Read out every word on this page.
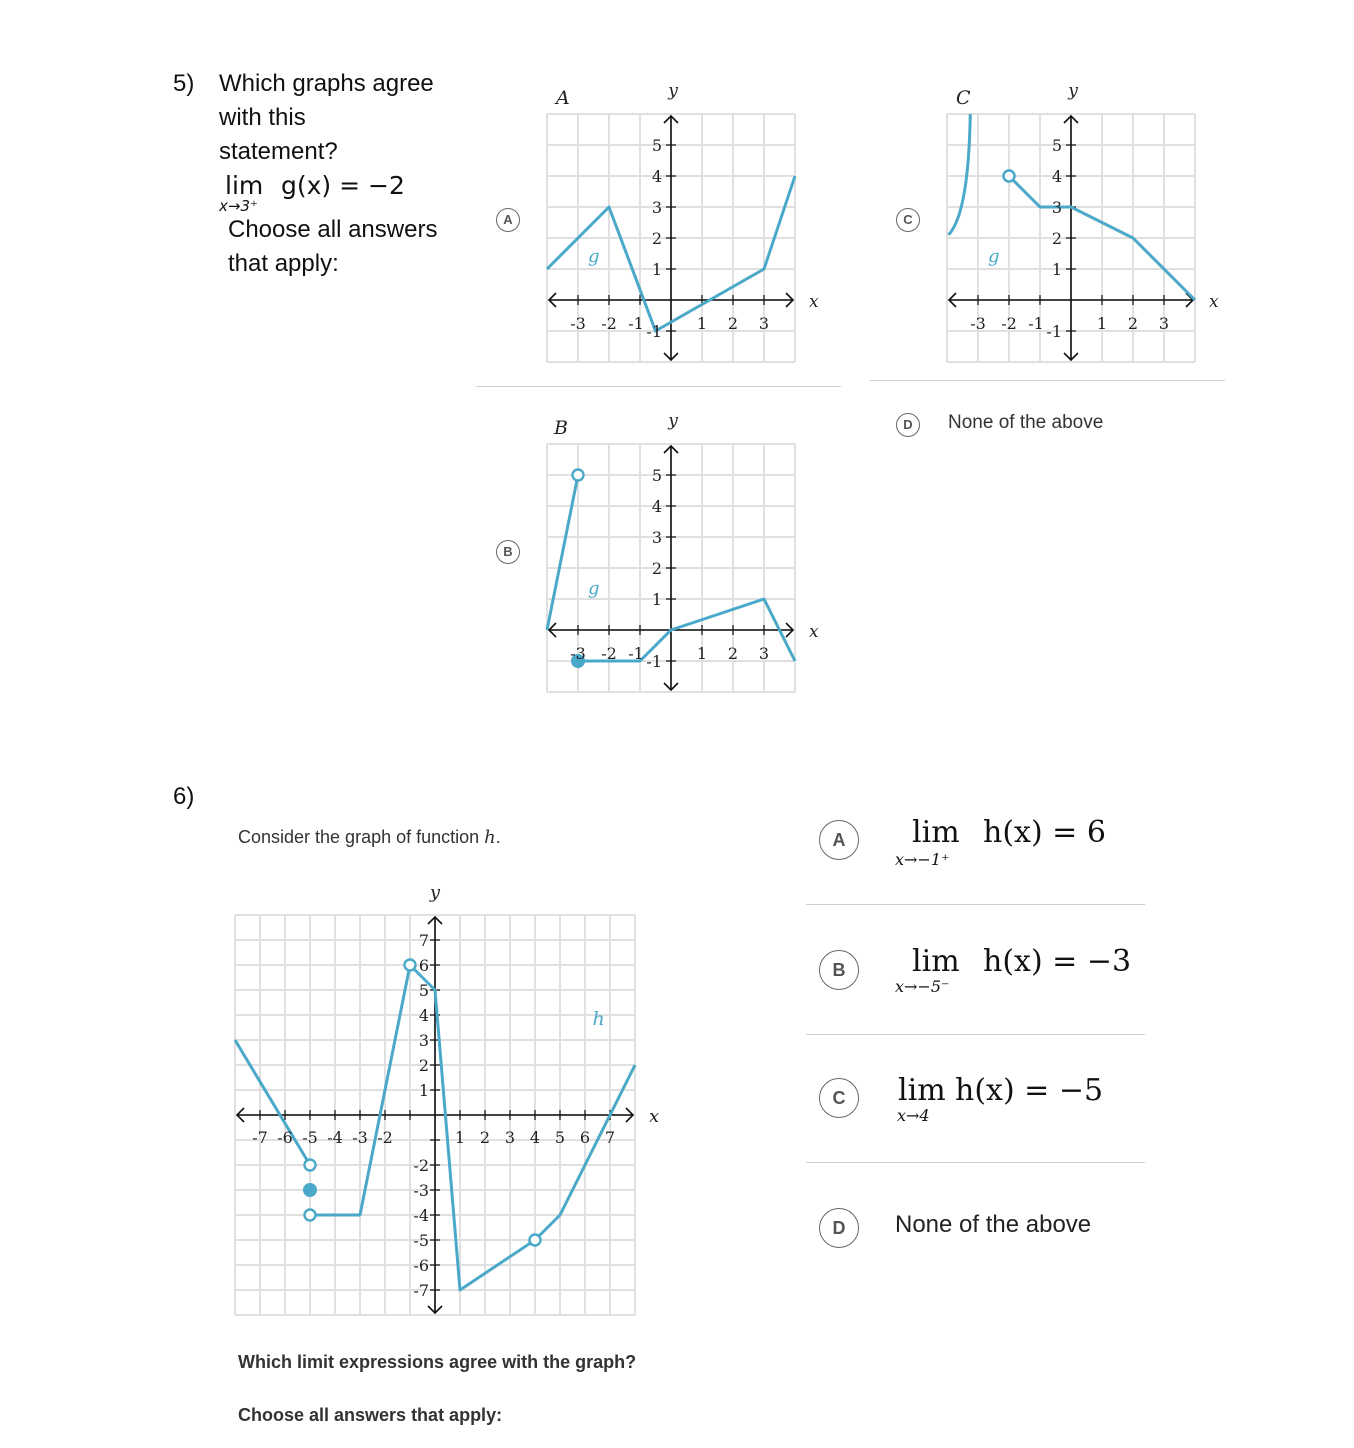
5) Which graphs agree
with this
statement?
lim g(x) = −2
x→3⁺
Choose all answers
that apply:
A
B
C
D	None of the above
-3 -2 -1	1 2 3
5
4
3
2
1
-1
y
x
g
A
-3 -2 -1	1 2 3
5
4
3
2
1
-1
y
x
g
B
-3 -2 -1	1 2 3
5
4
3
2
1
-1
y
x
g
C
6)
Consider the graph of function h.
-7 -6 -5 -4 -3 -2	1 2 3 4 5 6 7
7
6
5
4
3
2
1
-2
-3
-4
-5
-6
-7
y
x
h
Which limit expressions agree with the graph?
Choose all answers that apply:
A	lim h(x) = 6
x→−1⁺
B	lim h(x) = −3
x→−5⁻
C	lim h(x) = −5
x→4
D	None of the above
